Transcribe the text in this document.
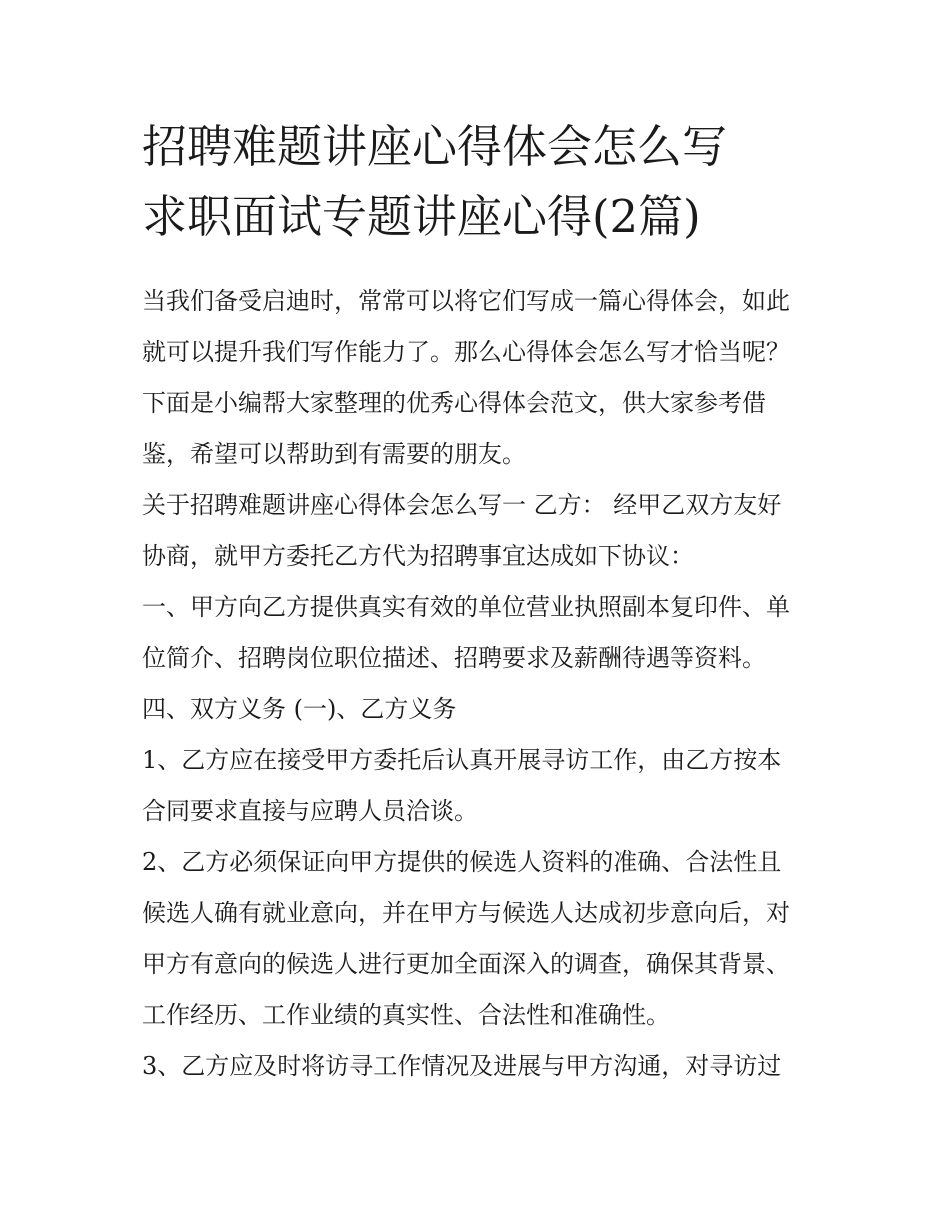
招聘难题讲座心得体会怎么写
求职面试专题讲座心得(2篇)
当我们备受启迪时，常常可以将它们写成一篇心得体会，如此
就可以提升我们写作能力了。那么心得体会怎么写才恰当呢？
下面是小编帮大家整理的优秀心得体会范文，供大家参考借
鉴，希望可以帮助到有需要的朋友。
关于招聘难题讲座心得体会怎么写一 乙方： 经甲乙双方友好
协商，就甲方委托乙方代为招聘事宜达成如下协议：
一、甲方向乙方提供真实有效的单位营业执照副本复印件、单
位简介、招聘岗位职位描述、招聘要求及薪酬待遇等资料。
四、双方义务 (一)、乙方义务
1、乙方应在接受甲方委托后认真开展寻访工作，由乙方按本
合同要求直接与应聘人员洽谈。
2、乙方必须保证向甲方提供的候选人资料的准确、合法性且
候选人确有就业意向，并在甲方与候选人达成初步意向后，对
甲方有意向的候选人进行更加全面深入的调查，确保其背景、
工作经历、工作业绩的真实性、合法性和准确性。
3、乙方应及时将访寻工作情况及进展与甲方沟通，对寻访过
